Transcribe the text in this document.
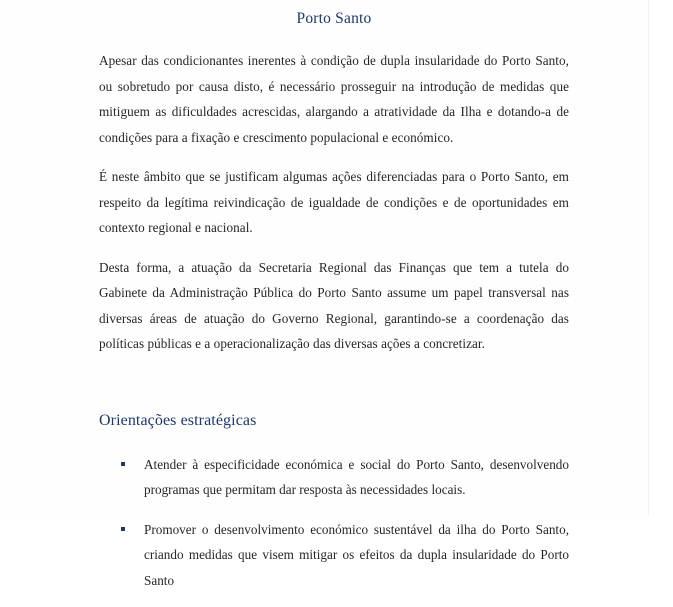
Porto Santo

Apesar das condicionantes inerentes à condição de dupla insularidade do Porto Santo, ou sobretudo por causa disto, é necessário prosseguir na introdução de medidas que mitiguem as dificuldades acrescidas, alargando a atratividade da Ilha e dotando-a de condições para a fixação e crescimento populacional e económico.

É neste âmbito que se justificam algumas ações diferenciadas para o Porto Santo, em respeito da legítima reivindicação de igualdade de condições e de oportunidades em contexto regional e nacional.

Desta forma, a atuação da Secretaria Regional das Finanças que tem a tutela do Gabinete da Administração Pública do Porto Santo assume um papel transversal nas diversas áreas de atuação do Governo Regional, garantindo-se a coordenação das políticas públicas e a operacionalização das diversas ações a concretizar.

Orientações estratégicas
Atender à especificidade económica e social do Porto Santo, desenvolvendo programas que permitam dar resposta às necessidades locais.
Promover o desenvolvimento económico sustentável da ilha do Porto Santo, criando medidas que visem mitigar os efeitos da dupla insularidade do Porto Santo
